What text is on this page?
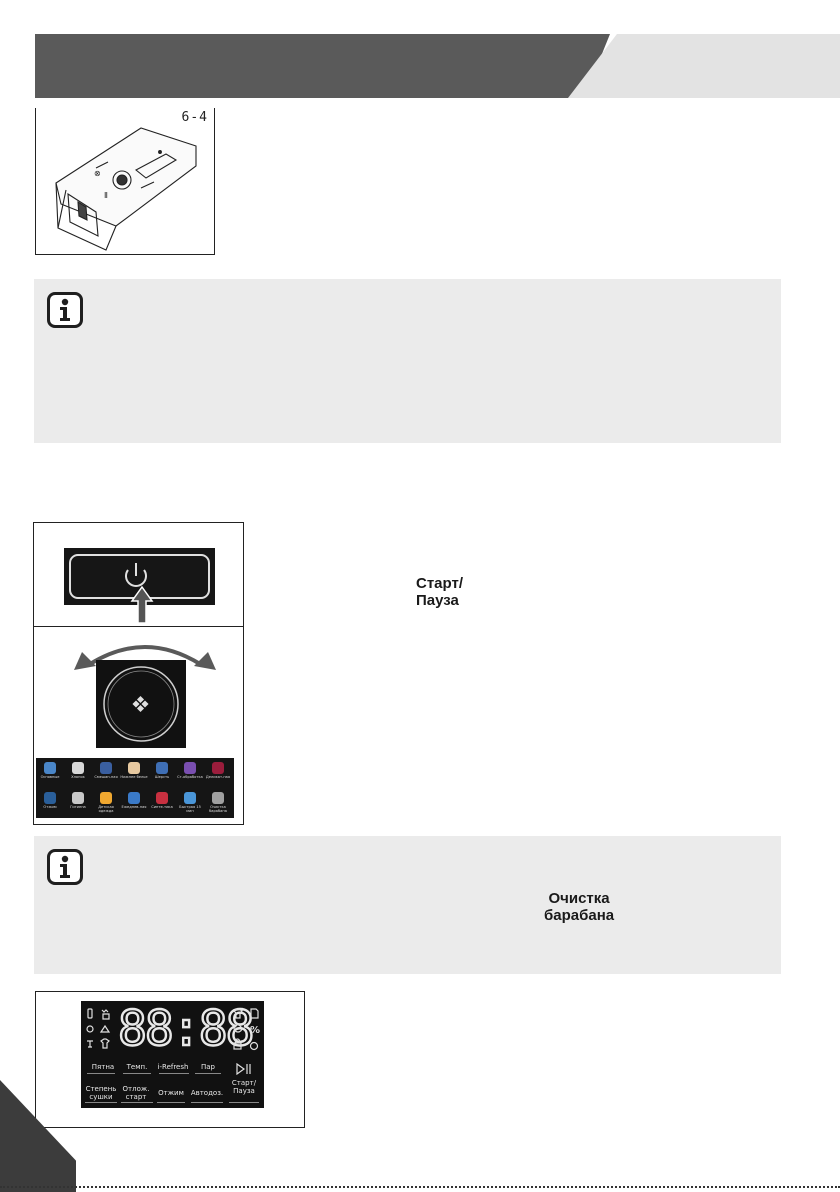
6-4
⊗
Ⅱ
Основные	Хлопок	Смешан-ная Нижнее белье	Шерсть	Ст-обработка Деликат-ная
Отжим	Гигиена	Детская одежда
Ежеднев-ная	Синте-тика	Быстрая 15 мин
Очистка барабана
Старт/
Пауза
Очистка
барабана
88:88
%
Пятна	Темп.	i-Refresh	Пар
Степень сушки
Отлож. старт	Отжим Автодоз.
Старт/ Пауза
